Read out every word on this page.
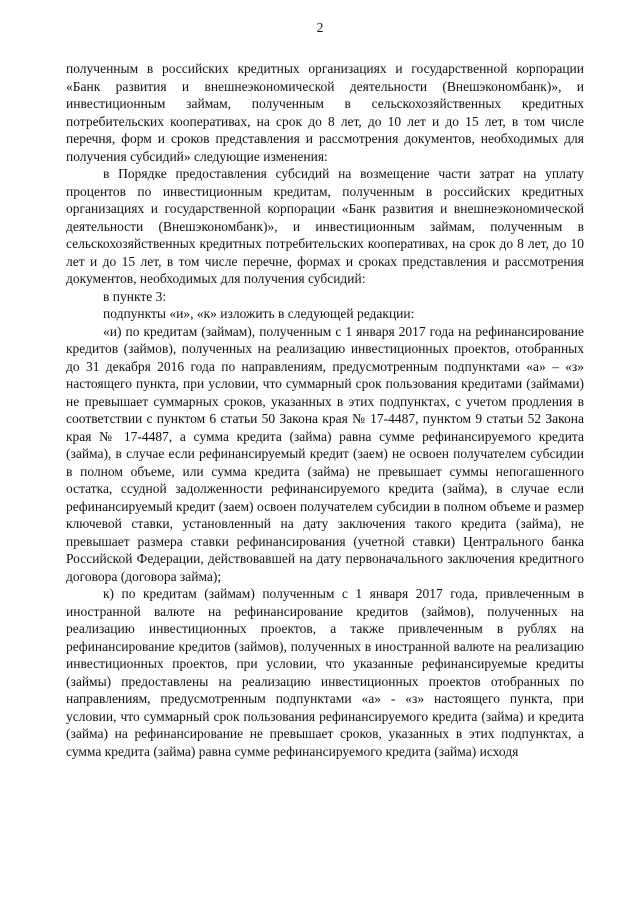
2

полученным в российских кредитных организациях и государственной корпорации «Банк развития и внешнеэкономической деятельности (Внешэкономбанк)», и инвестиционным займам, полученным в сельскохозяйственных кредитных потребительских кооперативах, на срок до 8 лет, до 10 лет и до 15 лет, в том числе перечня, форм и сроков представления и рассмотрения документов, необходимых для получения субсидий» следующие изменения:

в Порядке предоставления субсидий на возмещение части затрат на уплату процентов по инвестиционным кредитам, полученным в российских кредитных организациях и государственной корпорации «Банк развития и внешнеэкономической деятельности (Внешэкономбанк)», и инвестиционным займам, полученным в сельскохозяйственных кредитных потребительских кооперативах, на срок до 8 лет, до 10 лет и до 15 лет, в том числе перечне, формах и сроках представления и рассмотрения документов, необходимых для получения субсидий:

в пункте 3:

подпункты «и», «к» изложить в следующей редакции:

«и) по кредитам (займам), полученным с 1 января 2017 года на рефинансирование кредитов (займов), полученных на реализацию инвестиционных проектов, отобранных до 31 декабря 2016 года по направлениям, предусмотренным подпунктами «а» – «з» настоящего пункта, при условии, что суммарный срок пользования кредитами (займами) не превышает суммарных сроков, указанных в этих подпунктах, с учетом продления в соответствии с пунктом 6 статьи 50 Закона края № 17-4487, пунктом 9 статьи 52 Закона края № 17-4487, а сумма кредита (займа) равна сумме рефинансируемого кредита (займа), в случае если рефинансируемый кредит (заем) не освоен получателем субсидии в полном объеме, или сумма кредита (займа) не превышает суммы непогашенного остатка, ссудной задолженности рефинансируемого кредита (займа), в случае если рефинансируемый кредит (заем) освоен получателем субсидии в полном объеме и размер ключевой ставки, установленный на дату заключения такого кредита (займа), не превышает размера ставки рефинансирования (учетной ставки) Центрального банка Российской Федерации, действовавшей на дату первоначального заключения кредитного договора (договора займа);

к) по кредитам (займам) полученным с 1 января 2017 года, привлеченным в иностранной валюте на рефинансирование кредитов (займов), полученных на реализацию инвестиционных проектов, а также привлеченным в рублях на рефинансирование кредитов (займов), полученных в иностранной валюте на реализацию инвестиционных проектов, при условии, что указанные рефинансируемые кредиты (займы) предоставлены на реализацию инвестиционных проектов отобранных по направлениям, предусмотренным подпунктами «а» - «з» настоящего пункта, при условии, что суммарный срок пользования рефинансируемого кредита (займа) и кредита (займа) на рефинансирование не превышает сроков, указанных в этих подпунктах, а сумма кредита (займа) равна сумме рефинансируемого кредита (займа) исходя
